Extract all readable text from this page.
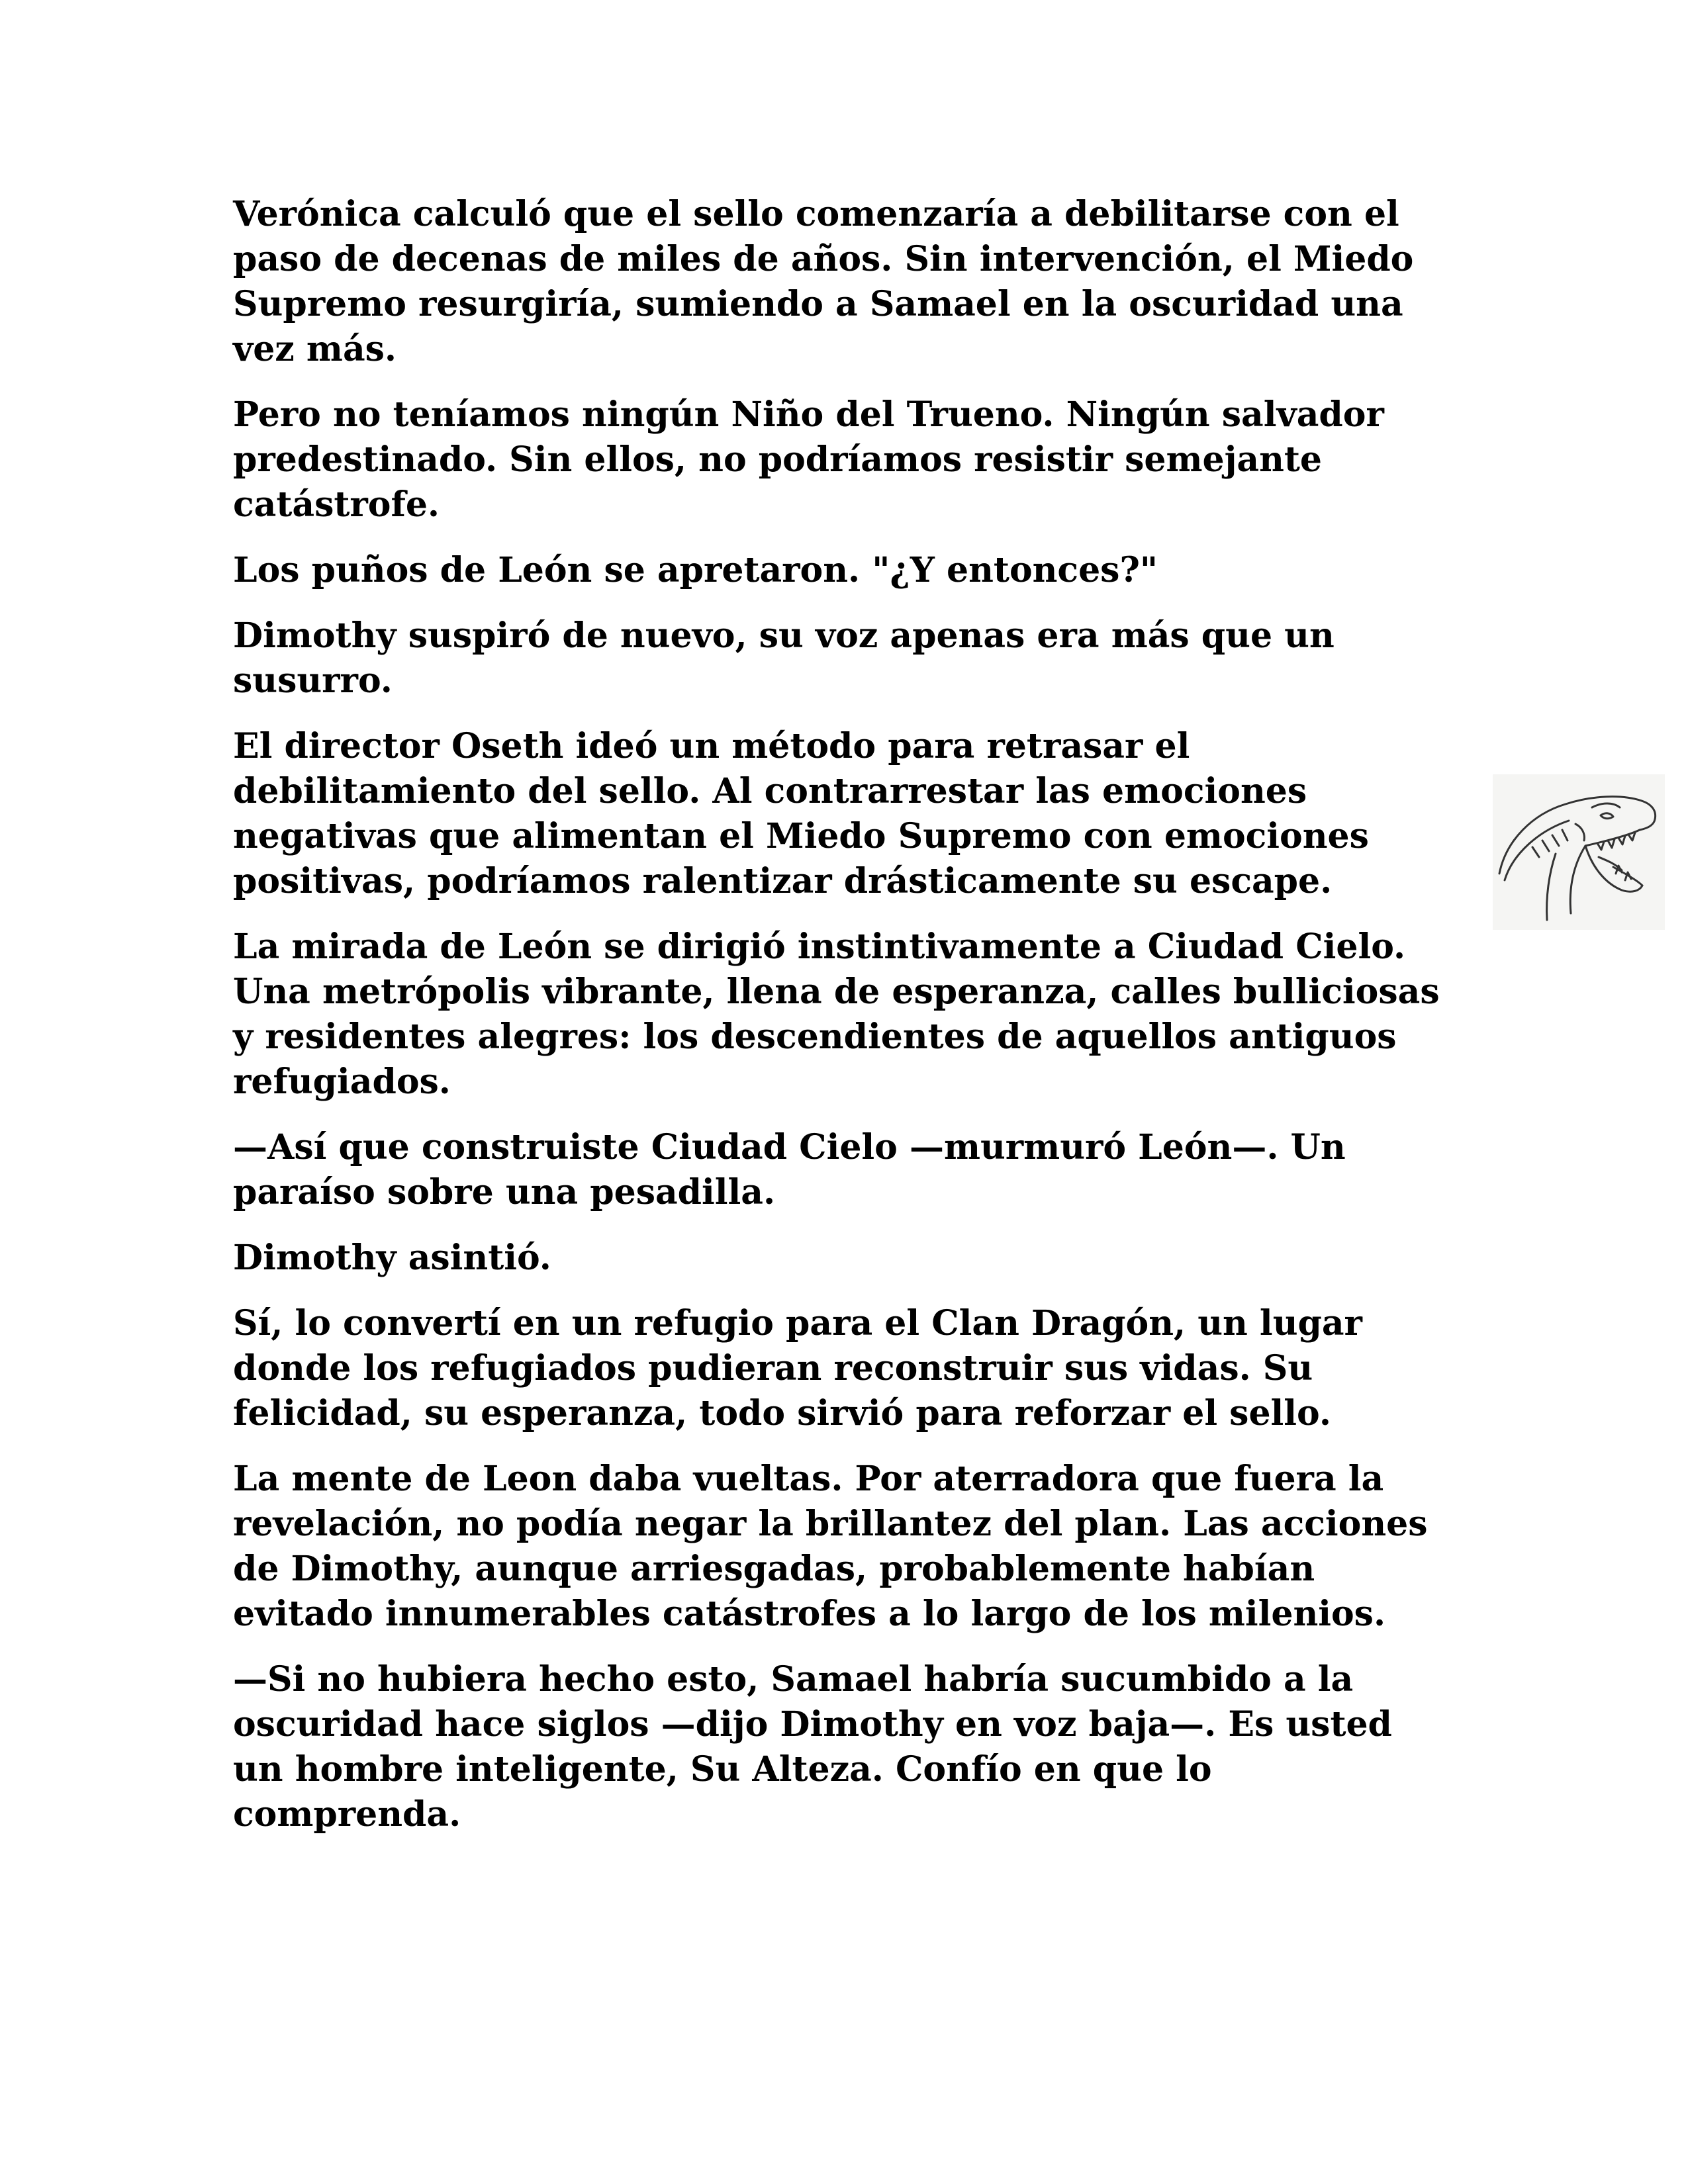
Verónica calculó que el sello comenzaría a debilitarse con el paso de decenas de miles de años. Sin intervención, el Miedo Supremo resurgiría, sumiendo a Samael en la oscuridad una vez más.

Pero no teníamos ningún Niño del Trueno. Ningún salvador predestinado. Sin ellos, no podríamos resistir semejante catástrofe.

Los puños de León se apretaron. "¿Y entonces?"

Dimothy suspiró de nuevo, su voz apenas era más que un susurro.

El director Oseth ideó un método para retrasar el debilitamiento del sello. Al contrarrestar las emociones negativas que alimentan el Miedo Supremo con emociones positivas, podríamos ralentizar drásticamente su escape.

La mirada de León se dirigió instintivamente a Ciudad Cielo. Una metrópolis vibrante, llena de esperanza, calles bulliciosas y residentes alegres: los descendientes de aquellos antiguos refugiados.

—Así que construiste Ciudad Cielo —murmuró León—. Un paraíso sobre una pesadilla.

Dimothy asintió.

Sí, lo convertí en un refugio para el Clan Dragón, un lugar donde los refugiados pudieran reconstruir sus vidas. Su felicidad, su esperanza, todo sirvió para reforzar el sello.

La mente de Leon daba vueltas. Por aterradora que fuera la revelación, no podía negar la brillantez del plan. Las acciones de Dimothy, aunque arriesgadas, probablemente habían evitado innumerables catástrofes a lo largo de los milenios.

—Si no hubiera hecho esto, Samael habría sucumbido a la oscuridad hace siglos —dijo Dimothy en voz baja—. Es usted un hombre inteligente, Su Alteza. Confío en que lo comprenda.
